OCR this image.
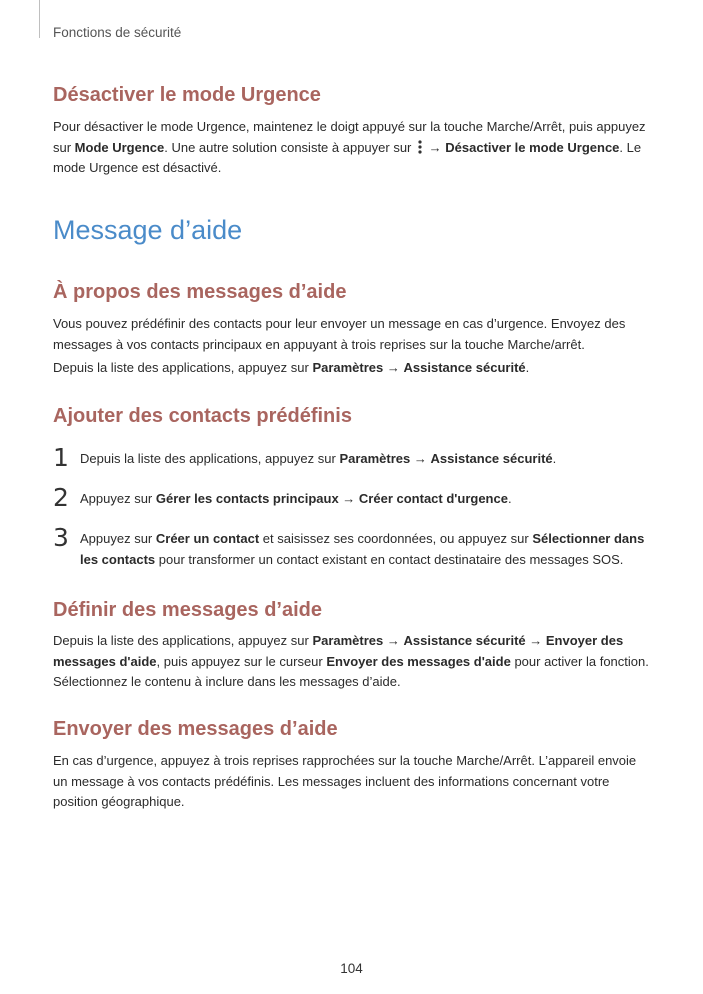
Fonctions de sécurité
Désactiver le mode Urgence

Pour désactiver le mode Urgence, maintenez le doigt appuyé sur la touche Marche/Arrêt, puis appuyez sur Mode Urgence. Une autre solution consiste à appuyer sur  → Désactiver le mode Urgence. Le mode Urgence est désactivé.

Message d’aide
À propos des messages d’aide

Vous pouvez prédéfinir des contacts pour leur envoyer un message en cas d’urgence. Envoyez des messages à vos contacts principaux en appuyant à trois reprises sur la touche Marche/arrêt.

Depuis la liste des applications, appuyez sur Paramètres → Assistance sécurité.

Ajouter des contacts prédéfinis
1 Depuis la liste des applications, appuyez sur Paramètres → Assistance sécurité.
2 Appuyez sur Gérer les contacts principaux → Créer contact d'urgence.
3 Appuyez sur Créer un contact et saisissez ses coordonnées, ou appuyez sur Sélectionner dans les contacts pour transformer un contact existant en contact destinataire des messages SOS.
Définir des messages d’aide

Depuis la liste des applications, appuyez sur Paramètres → Assistance sécurité → Envoyer des messages d'aide, puis appuyez sur le curseur Envoyer des messages d'aide pour activer la fonction.

Sélectionnez le contenu à inclure dans les messages d’aide.

Envoyer des messages d’aide

En cas d’urgence, appuyez à trois reprises rapprochées sur la touche Marche/Arrêt. L’appareil envoie un message à vos contacts prédéfinis. Les messages incluent des informations concernant votre position géographique.

104
